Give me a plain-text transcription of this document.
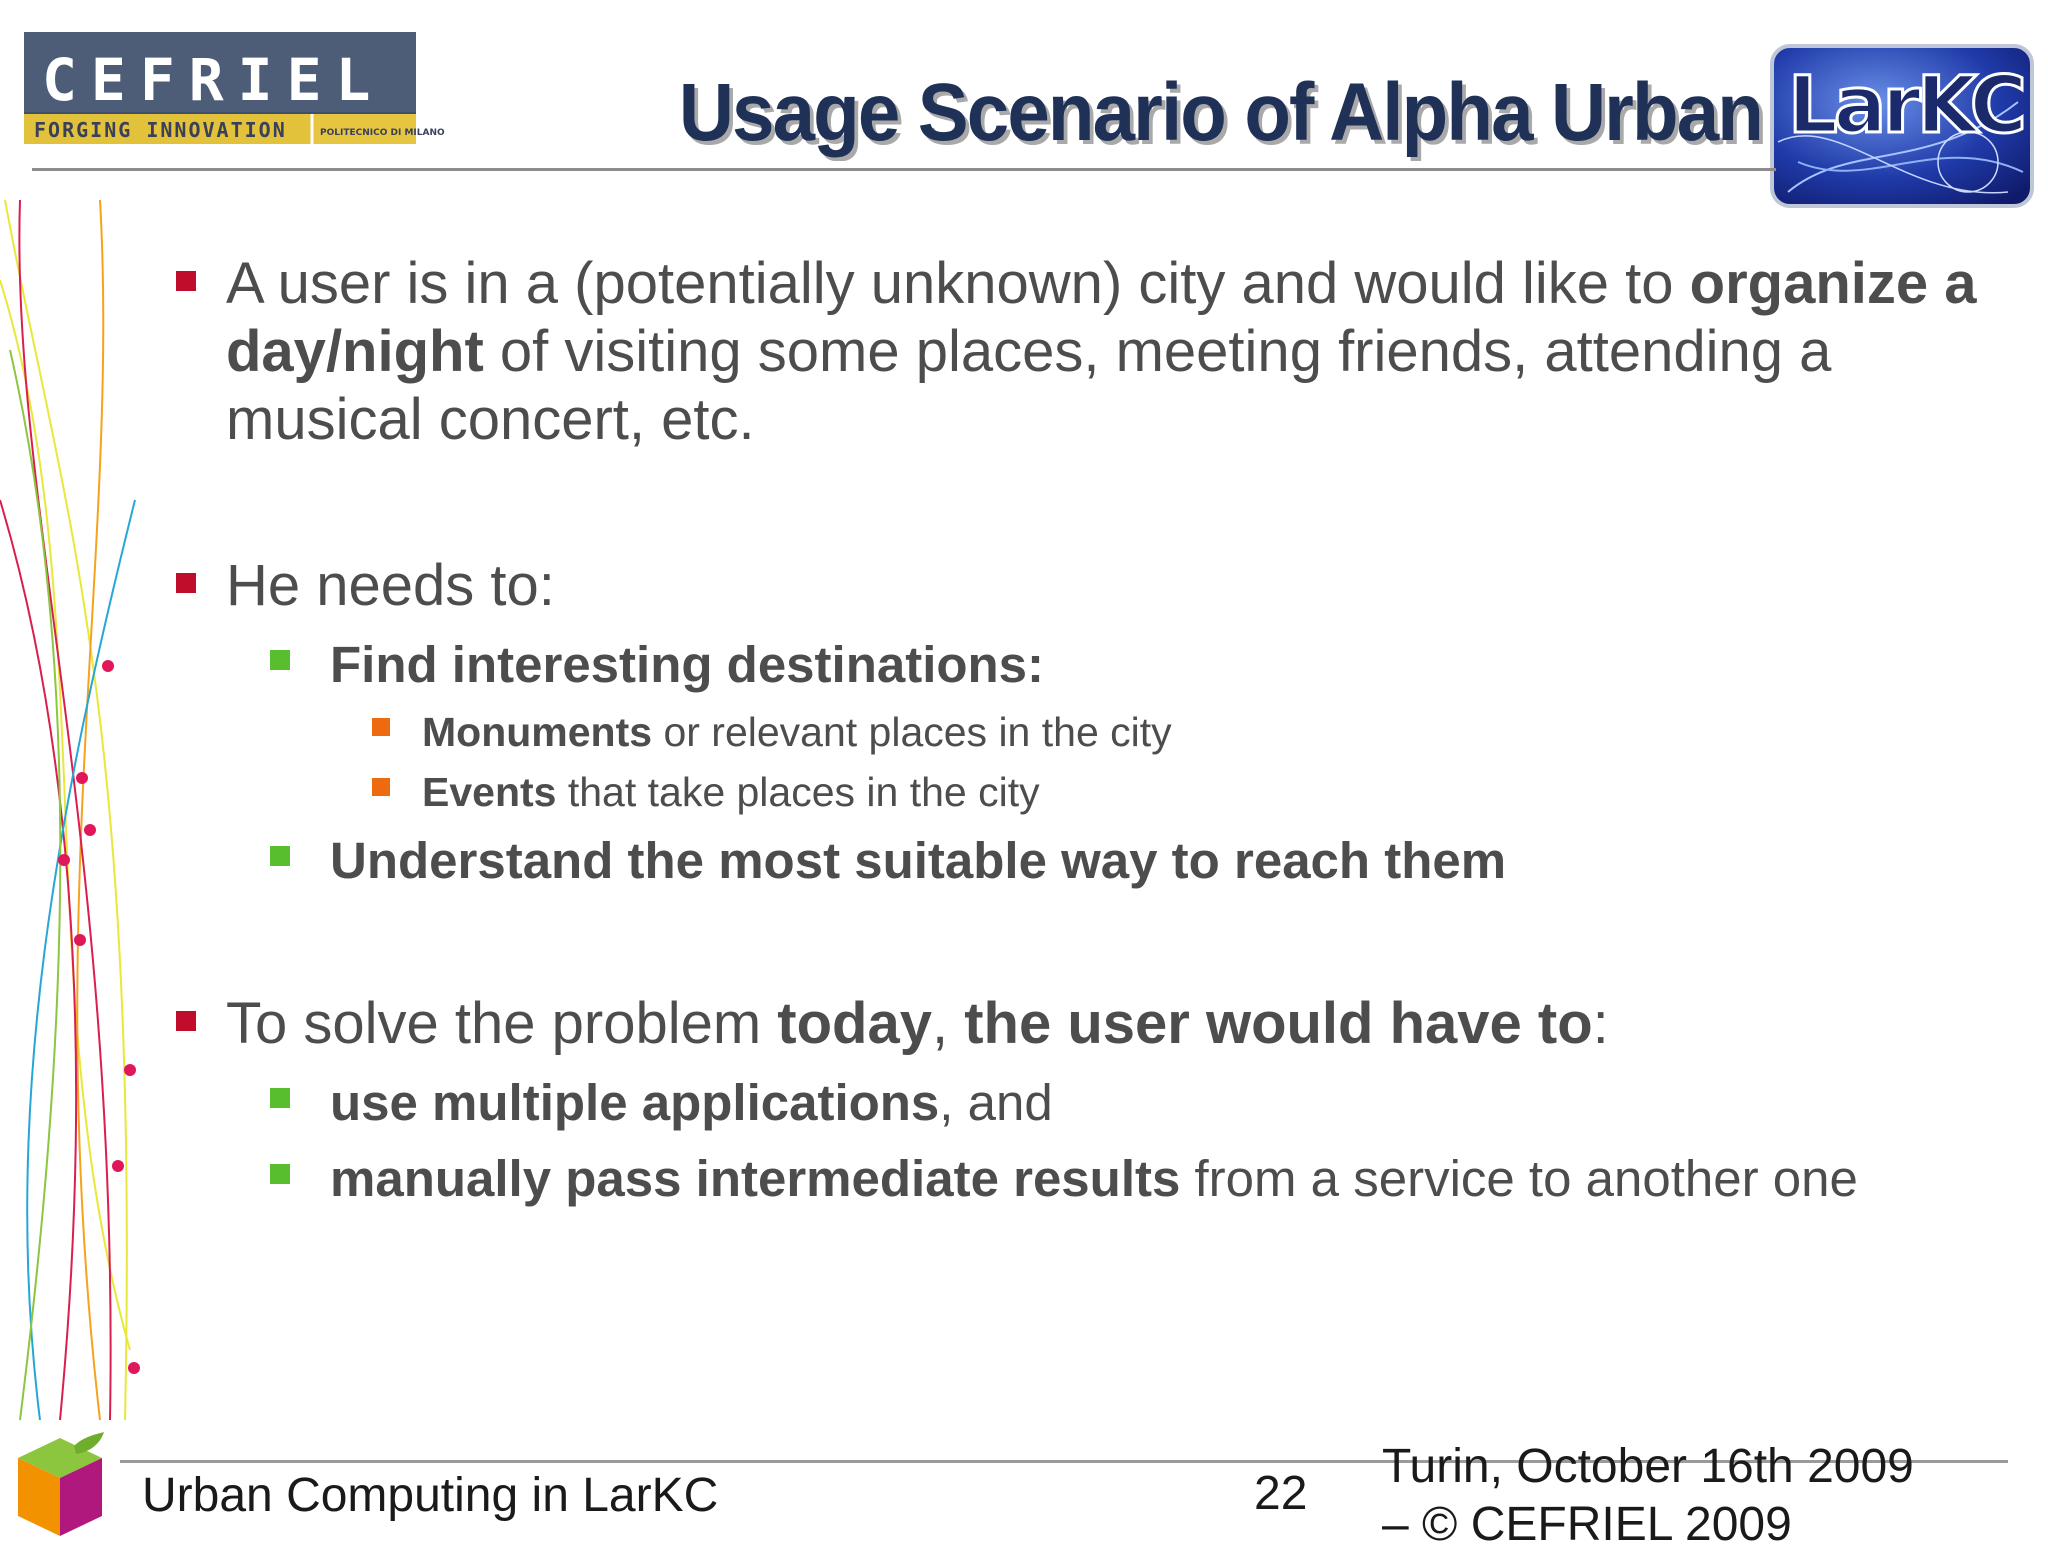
CEFRIEL
FORGING INNOVATION	POLITECNICO DI MILANO	Usage Scenario of Alpha Urban LarKC
A user is in a (potentially unknown) city and would like to organize a day/night of visiting some places, meeting friends, attending a musical concert, etc.
He needs to:
Find interesting destinations:
Monuments or relevant places in the city
Events that take places in the city
Understand the most suitable way to reach them
To solve the problem today, the user would have to:
use multiple applications, and
manually pass intermediate results from a service to another one
Urban Computing in LarKC	22
Turin, October 16th 2009
– © CEFRIEL 2009
